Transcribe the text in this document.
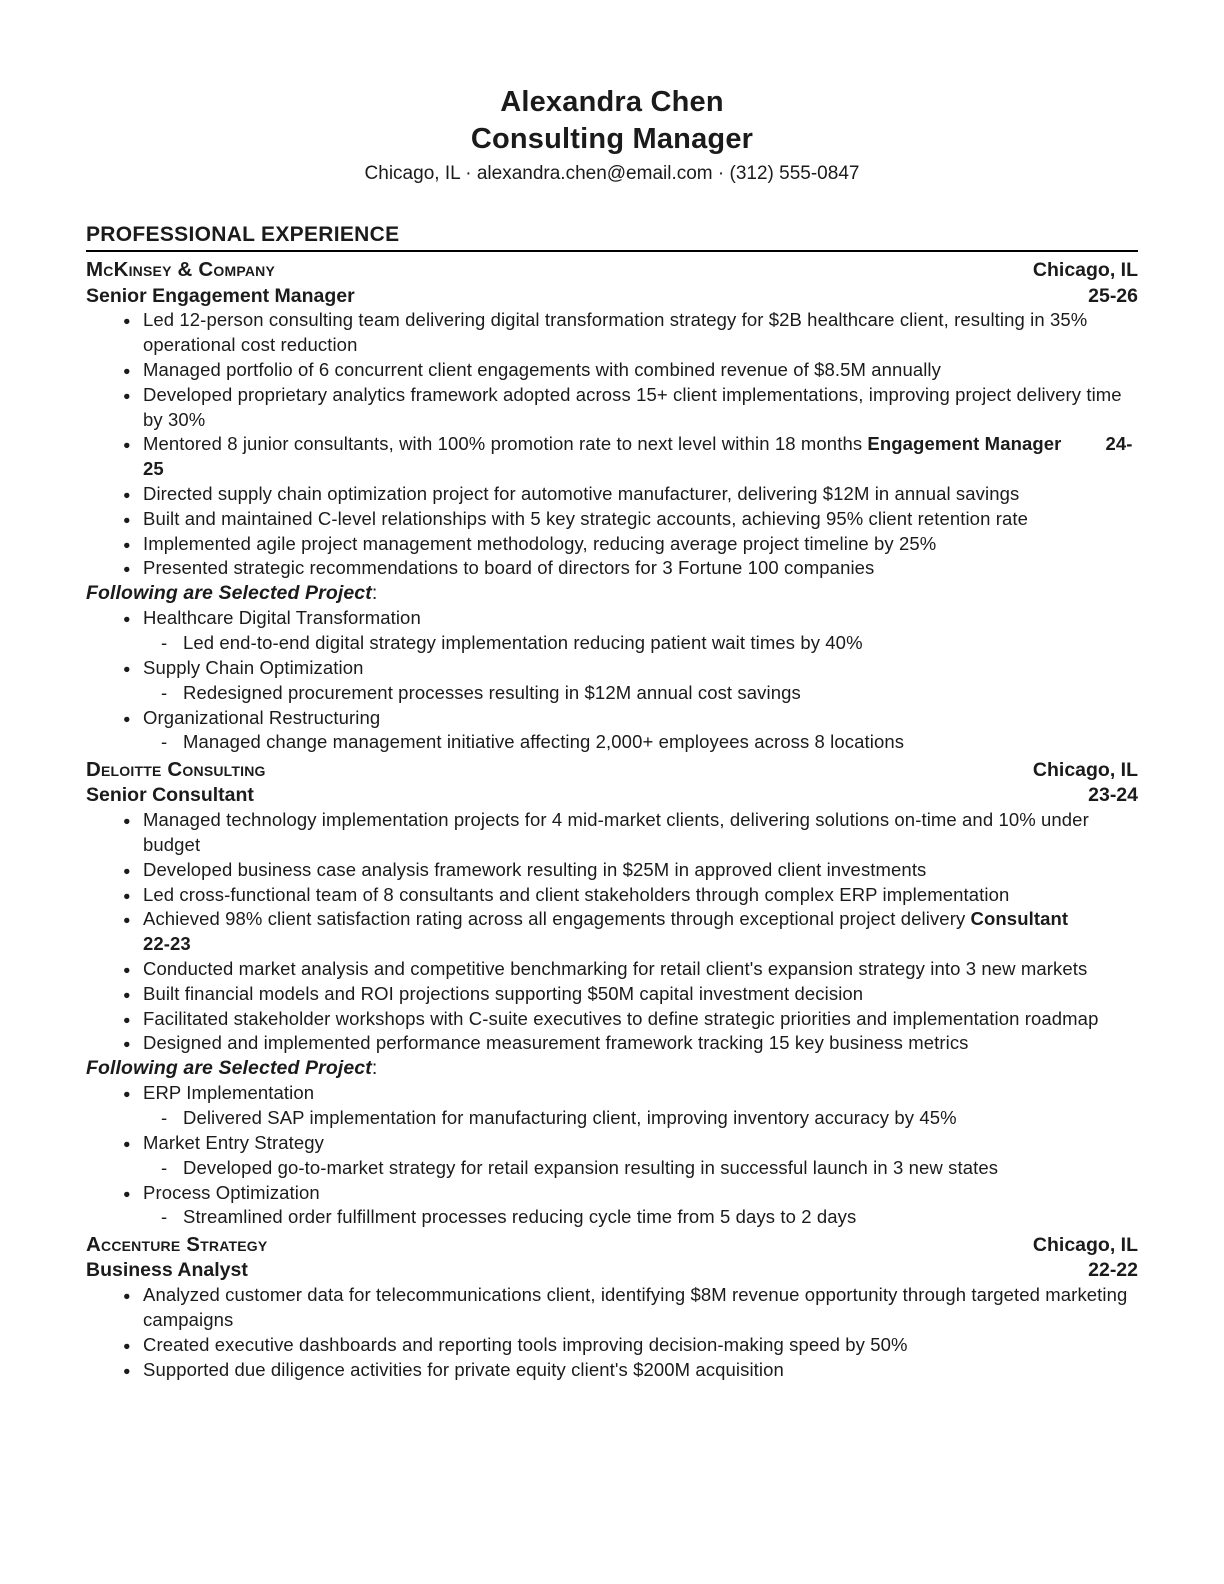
Alexandra Chen
Consulting Manager
Chicago, IL · alexandra.chen@email.com · (312) 555-0847
PROFESSIONAL EXPERIENCE
McKinsey & Company	Chicago, IL
Senior Engagement Manager	25-26
● Led 12-person consulting team delivering digital transformation strategy for $2B healthcare client, resulting in 35% operational cost reduction
● Managed portfolio of 6 concurrent client engagements with combined revenue of $8.5M annually
● Developed proprietary analytics framework adopted across 15+ client implementations, improving project delivery time by 30%
● Mentored 8 junior consultants, with 100% promotion rate to next level within 18 months Engagement Manager 24-25
● Directed supply chain optimization project for automotive manufacturer, delivering $12M in annual savings
● Built and maintained C-level relationships with 5 key strategic accounts, achieving 95% client retention rate
● Implemented agile project management methodology, reducing average project timeline by 25%
● Presented strategic recommendations to board of directors for 3 Fortune 100 companies
Following are Selected Project:
● Healthcare Digital Transformation
- Led end-to-end digital strategy implementation reducing patient wait times by 40%
● Supply Chain Optimization
- Redesigned procurement processes resulting in $12M annual cost savings
● Organizational Restructuring
- Managed change management initiative affecting 2,000+ employees across 8 locations
Deloitte Consulting	Chicago, IL
Senior Consultant	23-24
● Managed technology implementation projects for 4 mid-market clients, delivering solutions on-time and 10% under budget
● Developed business case analysis framework resulting in $25M in approved client investments
● Led cross-functional team of 8 consultants and client stakeholders through complex ERP implementation
● Achieved 98% client satisfaction rating across all engagements through exceptional project delivery Consultant22-23
● Conducted market analysis and competitive benchmarking for retail client's expansion strategy into 3 new markets
● Built financial models and ROI projections supporting $50M capital investment decision
● Facilitated stakeholder workshops with C-suite executives to define strategic priorities and implementation roadmap
● Designed and implemented performance measurement framework tracking 15 key business metrics
Following are Selected Project:
● ERP Implementation
- Delivered SAP implementation for manufacturing client, improving inventory accuracy by 45%
● Market Entry Strategy
- Developed go-to-market strategy for retail expansion resulting in successful launch in 3 new states
● Process Optimization
- Streamlined order fulfillment processes reducing cycle time from 5 days to 2 days
Accenture Strategy	Chicago, IL
Business Analyst	22-22
● Analyzed customer data for telecommunications client, identifying $8M revenue opportunity through targeted marketing campaigns
● Created executive dashboards and reporting tools improving decision-making speed by 50%
● Supported due diligence activities for private equity client's $200M acquisition
